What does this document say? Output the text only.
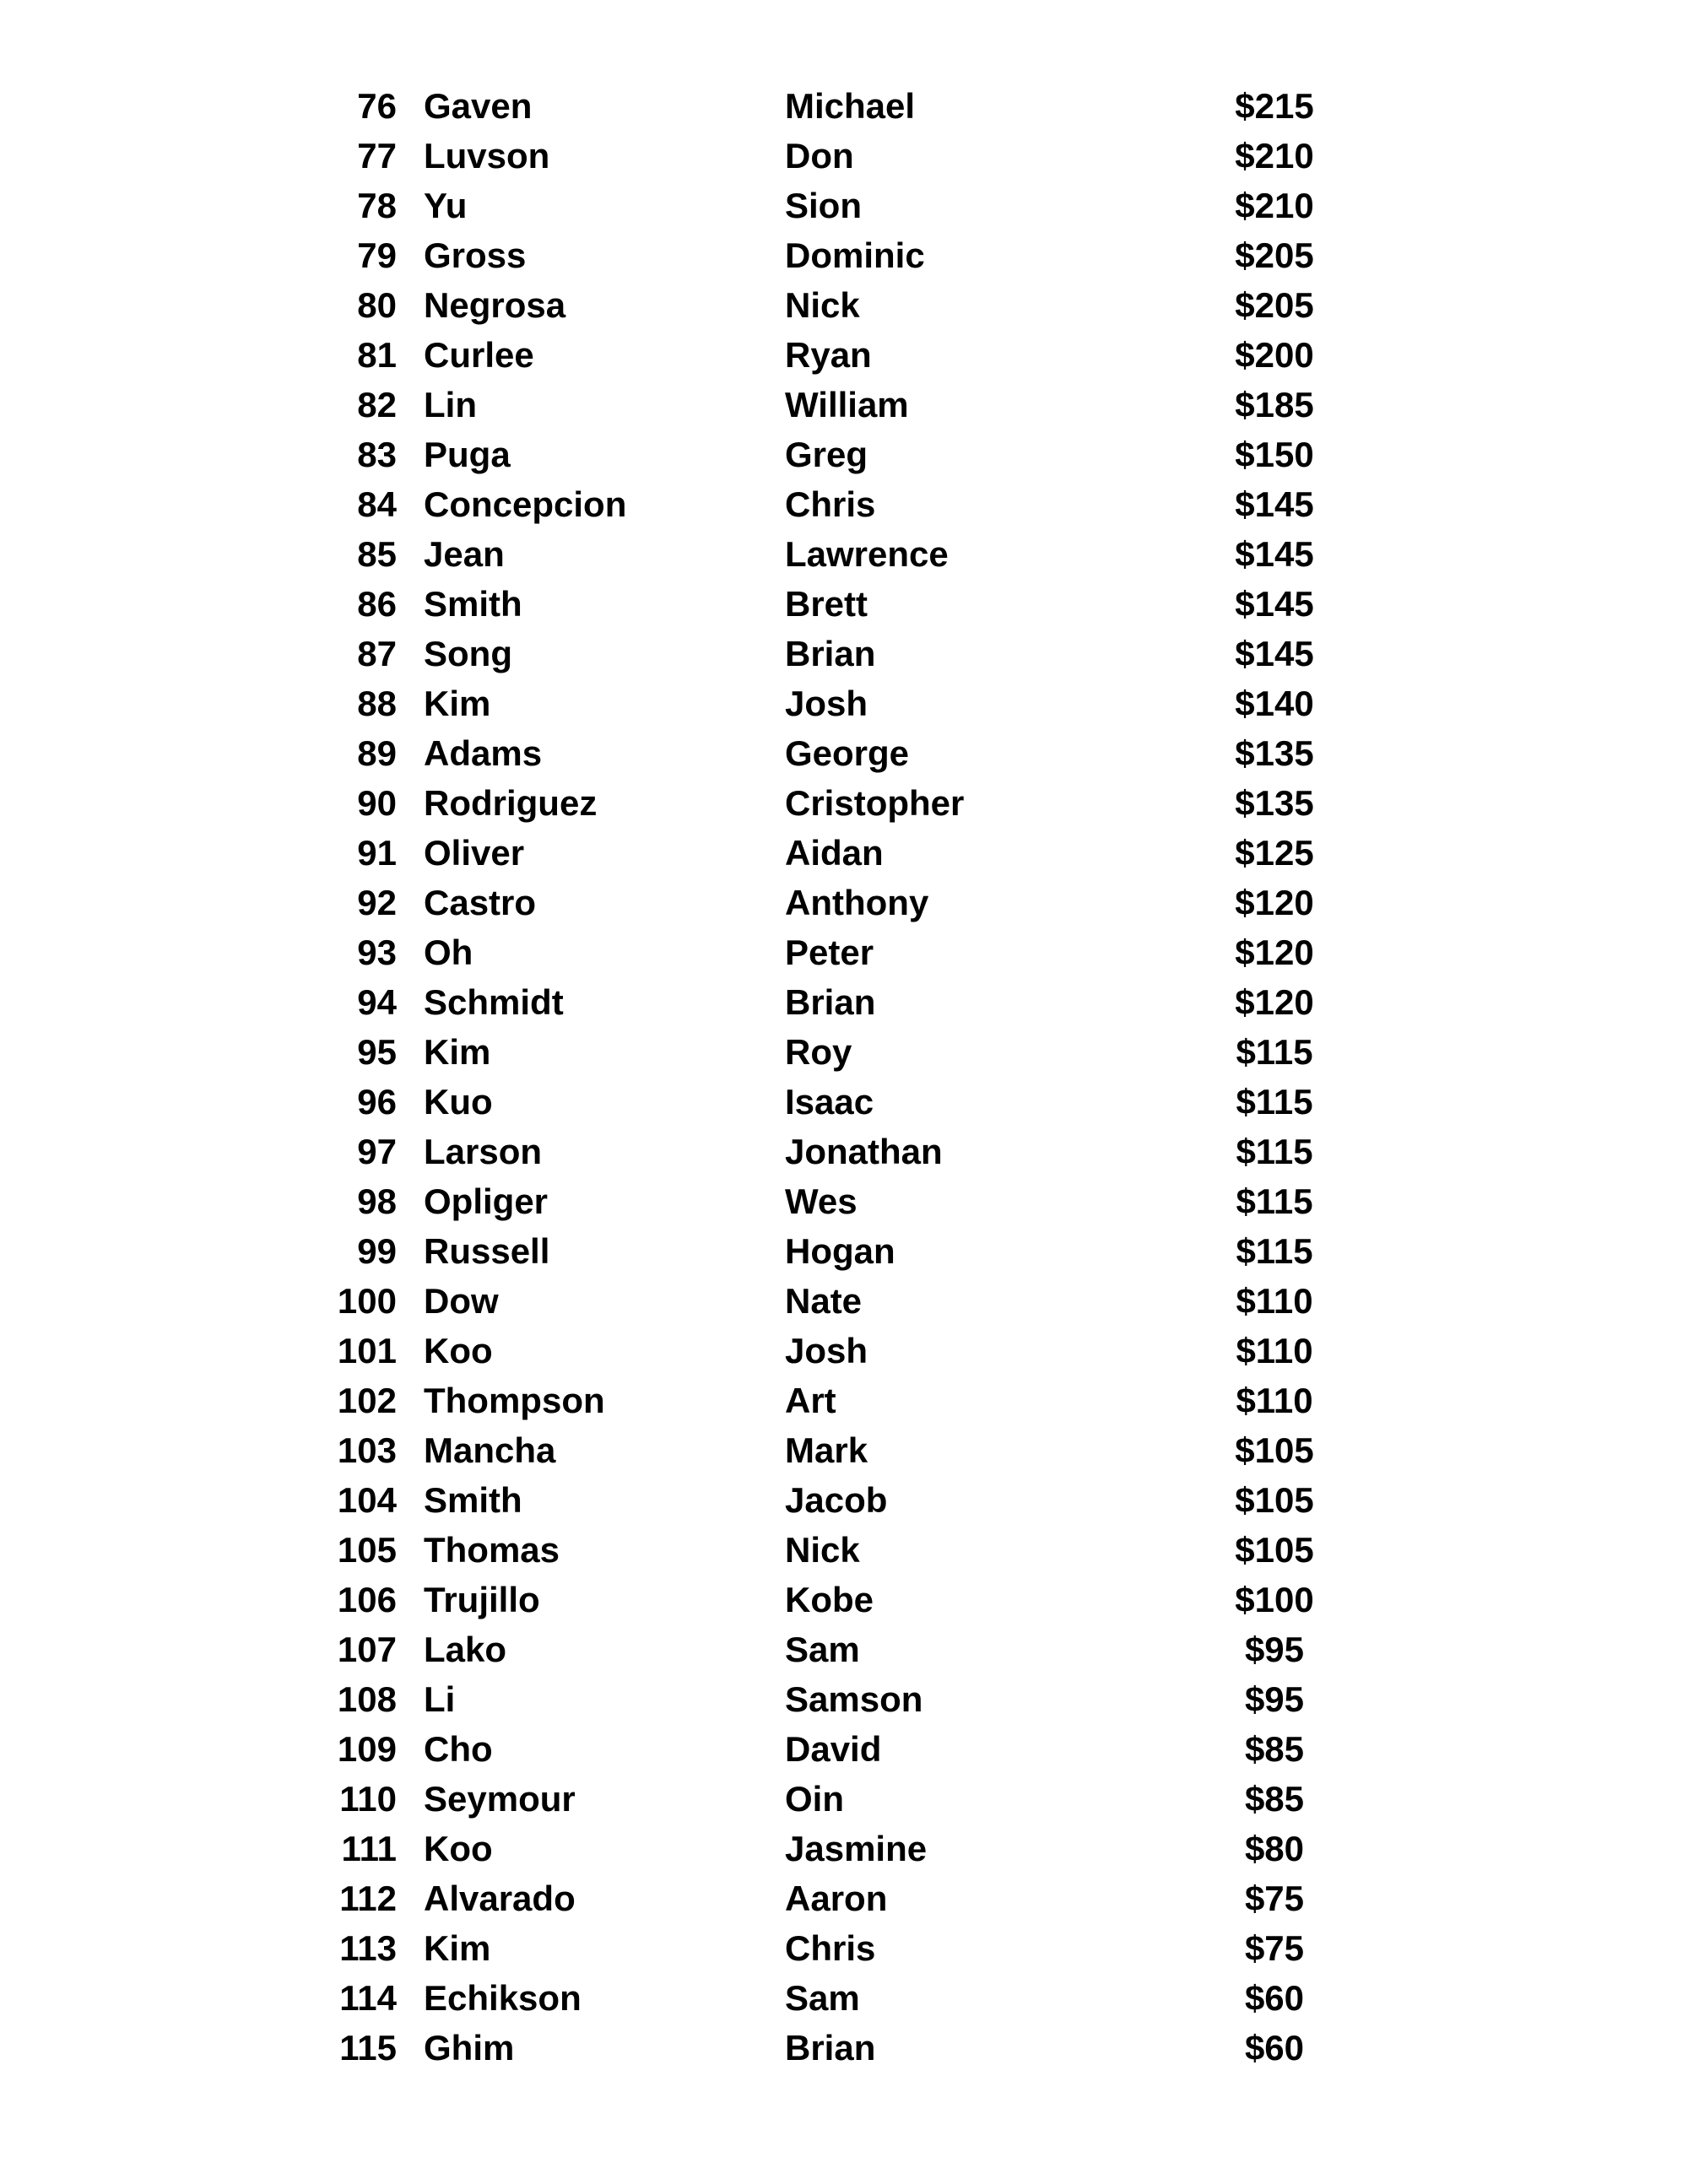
76 Gaven	Michael	$215
77 Luvson	Don	$210
78 Yu	Sion	$210
79 Gross	Dominic	$205
80 Negrosa	Nick	$205
81 Curlee	Ryan	$200
82 Lin	William	$185
83 Puga	Greg	$150
84 Concepcion	Chris	$145
85 Jean	Lawrence	$145
86 Smith	Brett	$145
87 Song	Brian	$145
88 Kim	Josh	$140
89 Adams	George	$135
90 Rodriguez	Cristopher	$135
91 Oliver	Aidan	$125
92 Castro	Anthony	$120
93 Oh	Peter	$120
94 Schmidt	Brian	$120
95 Kim	Roy	$115
96 Kuo	Isaac	$115
97 Larson	Jonathan	$115
98 Opliger	Wes	$115
99 Russell	Hogan	$115
100 Dow	Nate	$110
101 Koo	Josh	$110
102 Thompson	Art	$110
103 Mancha	Mark	$105
104 Smith	Jacob	$105
105 Thomas	Nick	$105
106 Trujillo	Kobe	$100
107 Lako	Sam	$95
108 Li	Samson	$95
109 Cho	David	$85
110 Seymour	Oin	$85
111 Koo	Jasmine	$80
112 Alvarado	Aaron	$75
113 Kim	Chris	$75
114 Echikson	Sam	$60
115 Ghim	Brian	$60
